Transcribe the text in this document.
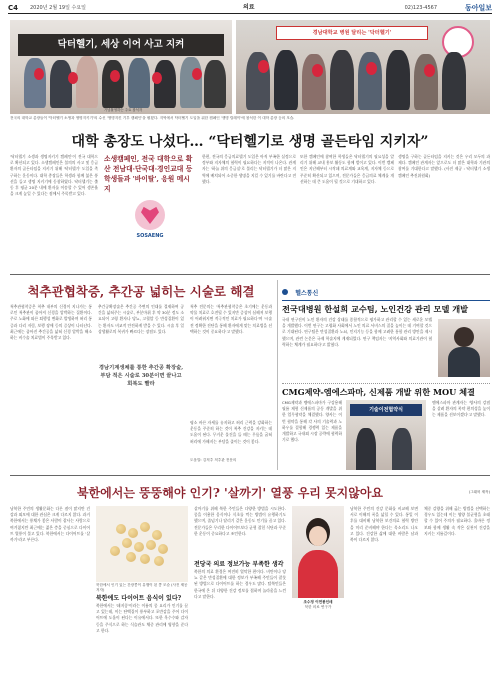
C4 2020년 2월 19일 수요일	의료	02)123-4567	동아일보
닥터헬기, 세상 이어 사고 지켜
기념촬영하는 주요 참석자
경남대학교 병원 달리는 '닥터헬기'
전국의 대학교 총장들이 '닥터헬기 소생과 생명지키기'의 수신 '생명지킨 기부 캠페인'을 펼쳤다. 지역에서 닥터헬기 도입을 위한 캠페인 '생명 릴레이'에 참석한 이 대학 총장 등의 모습.
대학 총장도 나섰다… “닥터헬기로 생명 골든타임 지키자”
'닥터헬기 소생과 생명지키기 캠페인'이 전국 대학으로 확산되고 있다. 소생캠페인은 불의의 사고 및 응급환자의 골든타임을 지키기 위해 '닥터헬기' 도입을 촉구하는 운동이다. 대학 총장들은 학생과 함께 붉은 풍선을 들고 생명 지키기에 동참하였다. 닥터헬기는 출동 후 평균 20분 내에 환자를 이송할 수 있어 생존율을 크게 높일 수 있다는 점에서 주목받고 있다.
소생캠페인, 전국 대학으로 확산 전남대·단국대·경인교대 등 학생들과 '바이탈', 응원 메시지
SOSAENG
한편, 전국의 응급의료헬기 도입은 아직 부족한 실정으로 정부와 지자체의 협력이 필요하다는 지적이 나온다. 관계자는 '하늘 위의 응급실'로 불리는 닥터헬기가 더 많은 지역에 배치되어 소중한 생명을 지킬 수 있기를 바란다고 전했다.
또한 캠페인에 참여한 학생들은 닥터헬기의 필요성을 알리기 위해 교내 홍보 활동도 함께 벌이고 있다. 이번 캠페인은 지난해부터 시작돼 의료계와 교육계, 지자체 등으로 꾸준히 확산되고 있으며, 전문가들은 응급의료 체계를 개선하는 데 큰 도움이 될 것으로 기대하고 있다.
생명을 구하는 골든타임을 지키는 것은 우리 모두의 과제다. 캠페인 관계자는 앞으로도 더 많은 대학과 기관의 참여를 기대한다고 말했다. (사진 제공 : 닥터헬기 소생캠페인 추진위원회)
척추관협착증, 추간공 넓히는 시술로 해결
척추관협착증은 척추 내부의 신경이 지나가는 통로인 척추관이 좁아져 신경을 압박하는 질환이다. 주로 노화에 따른 퇴행성 변화로 발생하며 허리 통증과 다리 저림, 보행 장애 등의 증상이 나타난다. 최근에는 좁아진 추간공을 넓혀 신경 압박을 해소하는 비수술 치료법이 주목받고 있다.
추간공확장술은 추간공 주변의 인대를 절제하여 공간을 넓혀주는 시술로, 부분마취 후 약 30분 정도 소요되어 고령 환자나 당뇨, 고혈압 등 만성질환이 있는 환자도 비교적 안전하게 받을 수 있다. 시술 후 일상생활로의 복귀가 빠르다는 장점도 있다.
경남기계생체를 통한 추간공 확장술, 부담 적은 시술로 30분이면 끝나고 회복도 빨라
척추 전문의는 '척추관협착증은 초기에는 운동과 약물 치료로 호전될 수 있지만 증상이 심해져 보행이 어려워지면 적극적인 치료가 필요하다'며 '시술 전 정확한 진단을 통해 환자에게 맞는 치료법을 선택하는 것이 중요하다'고 말했다.
평소 바른 자세를 유지하고 허리 근력을 강화하는 운동을 꾸준히 하는 것이 척추 건강을 지키는 데 도움이 된다. 무거운 물건을 들 때는 무릎을 굽혀 허리에 가해지는 부담을 줄이는 것이 좋다.
도움말: 김척추 척추관 전문의
헬스통신
전국대병원 한설희 교수팀, 노인건강 관리 모델 개발
국내 연구진이 노인 환자의 건강 상태를 종합적으로 평가하고 관리할 수 있는 새로운 모델을 개발했다. 이번 연구는 고령화 사회에서 노인 의료 서비스의 질을 높이는 데 기여할 것으로 기대된다. 연구팀은 만성질환과 노쇠, 인지기능 등을 함께 고려한 통합 관리 방안을 제시했으며, 관련 논문은 국제 학술지에 게재되었다. 연구 책임자는 '지역사회와 의료기관이 협력하는 체계가 필요하다'고 밝혔다.
CMG제약-엠에스파마, 신제품 개발 위한 MOU 체결
CMG제약과 엠에스파마가 구강용해 필름 제형 신제품의 공동 개발을 위한 업무협약을 체결했다. 양사는 이번 협약을 통해 각 사의 기술력과 노하우를 결합해 경쟁력 있는 제품을 개발하고 국내외 시장 공략에 협력하기로 했다.
기술이전협약식
엠에스파마 관계자는 '양사의 강점을 살려 환자의 복약 편의성을 높이는 제품을 선보이겠다'고 말했다.
북한에서는 뚱뚱해야 인기? '살까기' 열풍 우리 못지않아요	(그래픽 제작)
남북한 주민의 생활문화는 다른 점이 많지만 건강과 외모에 대한 관심은 크게 다르지 않다. 과거 북한에서는 풍채가 좋은 사람이 잘사는 사람으로 여겨졌지만 최근에는 젊은 층을 중심으로 다이어트 열풍이 불고 있다. 북한에서는 다이어트를 '살까기'라고 부른다.
북한에서 인기 있는 간장콩이 유행이 된 콩 모습 (사진 제공 저자)
북한에도 다이어트 음식이 있다?
북한에서는 '돼지콩'이라는 이름의 콩 요리가 인기를 끌고 있는데, 이는 단백질이 풍부하고 포만감을 주어 다이어트에 도움이 된다는 이유에서다. 또한 옥수수와 감자 등을 주식으로 하는 식습관도 체중 관리에 영향을 준다고 한다.
살까기를 위해 북한 주민들은 다양한 방법을 시도한다. 콩을 이용한 음식이나 식초를 먹는 방법이 유행하기도 했으며, 줄넘기나 달리기 같은 운동도 인기를 끌고 있다. 전문가들은 무리한 다이어트보다 균형 잡힌 식단과 꾸준한 운동이 중요하다고 조언한다.
전당국 의료 정보가능 부족한 생각
북한의 의료 환경은 여전히 열악한 편이다. 비만이나 당뇨 같은 만성질환에 대한 정보가 부족해 주민들이 잘못된 방법으로 다이어트를 하는 경우도 많다. 탈북민들은 한국에 온 뒤 다양한 건강 정보를 접하며 놀라움을 느낀다고 말한다.
조수정 이연봉인데
북한 의료 연구가
남북한 주민의 건강 문화를 비교해 보면 서로 이해의 폭을 넓힐 수 있다. 통일 이후를 대비해 남북한 보건의료 협력 방안을 미리 준비해야 한다는 목소리도 나오고 있다. 건강한 삶에 대한 바람은 남과 북이 다르지 않다.
체중 감량을 위해 굶는 방법을 선택하는 경우도 있는데 이는 영양 불균형을 초래할 수 있어 주의가 필요하다. 올바른 정보와 함께 생활 속 작은 실천이 건강을 지키는 지름길이다.
